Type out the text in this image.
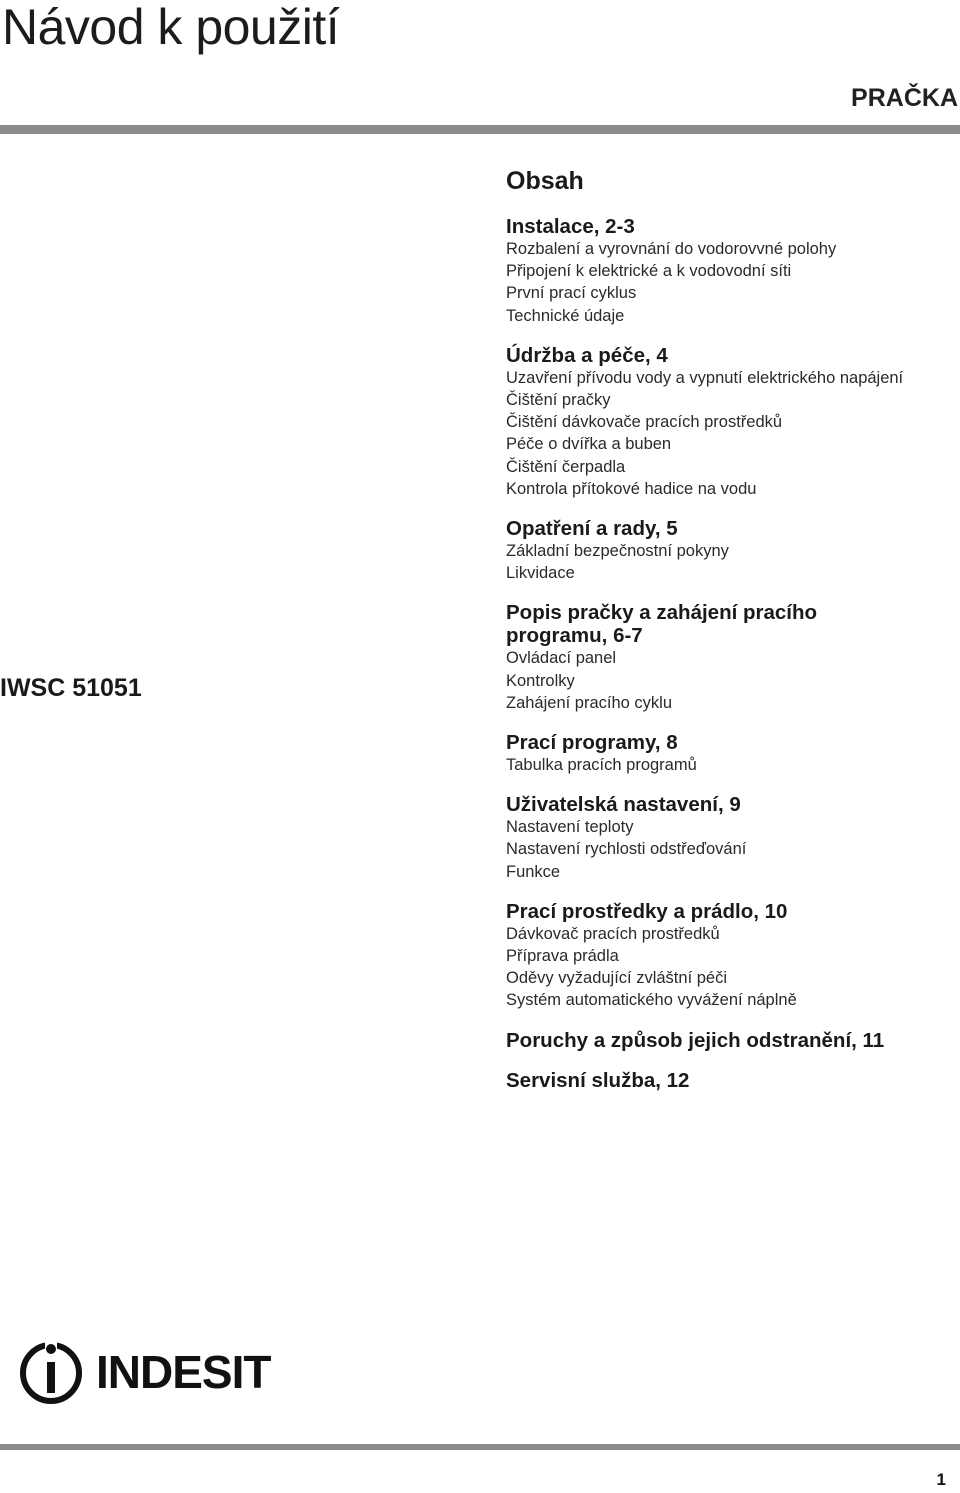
Návod k použití
PRAČKA
IWSC 51051
Obsah
Instalace, 2-3
Rozbalení a vyrovnání do vodorovvné polohy
Připojení k elektrické a k vodovodní síti
První prací cyklus
Technické údaje
Údržba a péče, 4
Uzavření přívodu vody a vypnutí elektrického napájení
Čištění pračky
Čištění dávkovače pracích prostředků
Péče o dvířka a buben
Čištění čerpadla
Kontrola přítokové hadice na vodu
Opatření a rady, 5
Základní bezpečnostní pokyny
Likvidace
Popis pračky a zahájení pracího
programu, 6-7
Ovládací panel
Kontrolky
Zahájení pracího cyklu
Prací programy, 8
Tabulka pracích programů
Uživatelská nastavení, 9
Nastavení teploty
Nastavení rychlosti odstřeďování
Funkce
Prací prostředky a prádlo, 10
Dávkovač pracích prostředků
Příprava prádla
Oděvy vyžadující zvláštní péči
Systém automatického vyvážení náplně
Poruchy a způsob jejich odstranění, 11
Servisní služba, 12
INDESIT
1
